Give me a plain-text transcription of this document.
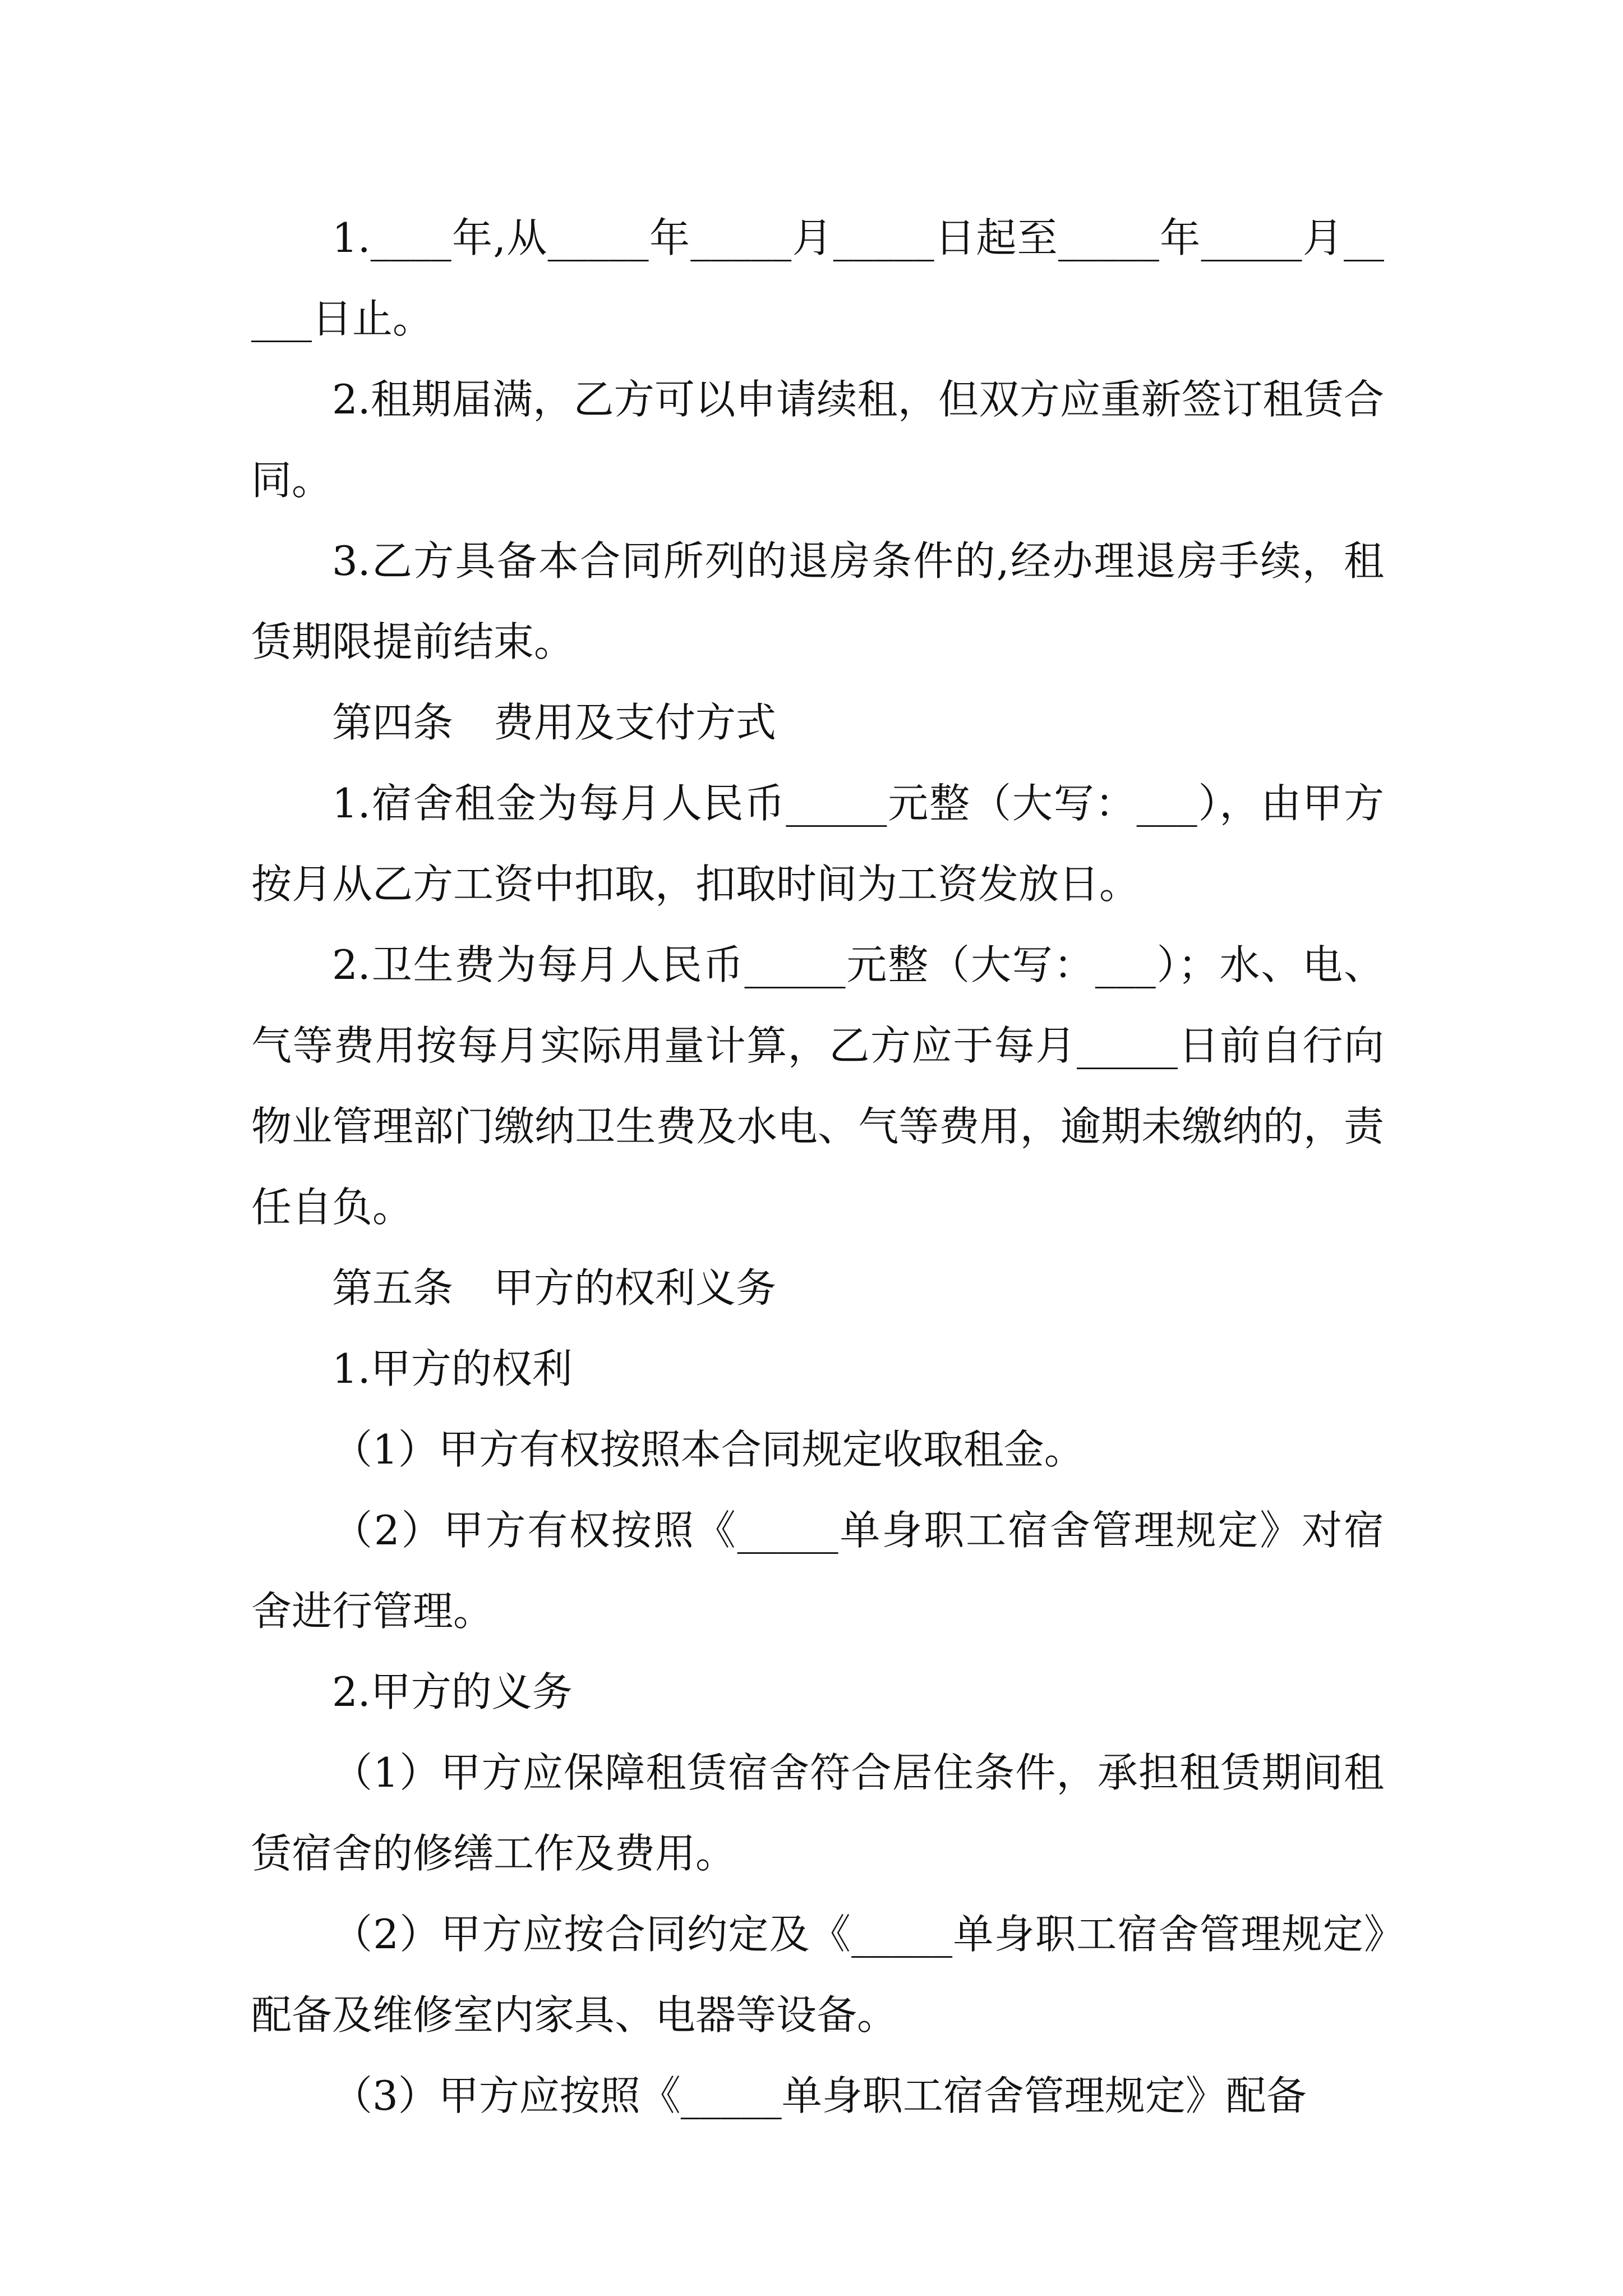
1.____年,从_____年_____月_____日起至_____年_____月_____日止。

2.租期届满，乙方可以申请续租，但双方应重新签订租赁合同。

3.乙方具备本合同所列的退房条件的,经办理退房手续，租赁期限提前结束。

第四条　费用及支付方式

1.宿舍租金为每月人民币_____元整（大写：___），由甲方按月从乙方工资中扣取，扣取时间为工资发放日。

2.卫生费为每月人民币_____元整（大写：___）；水、电、气等费用按每月实际用量计算，乙方应于每月_____日前自行向物业管理部门缴纳卫生费及水电、气等费用，逾期未缴纳的，责任自负。

第五条　甲方的权利义务

1.甲方的权利

（1）甲方有权按照本合同规定收取租金。

（2）甲方有权按照《_____单身职工宿舍管理规定》对宿舍进行管理。

2.甲方的义务

（1）甲方应保障租赁宿舍符合居住条件，承担租赁期间租赁宿舍的修缮工作及费用。

（2）甲方应按合同约定及《_____单身职工宿舍管理规定》配备及维修室内家具、电器等设备。

（3）甲方应按照《_____单身职工宿舍管理规定》配备
